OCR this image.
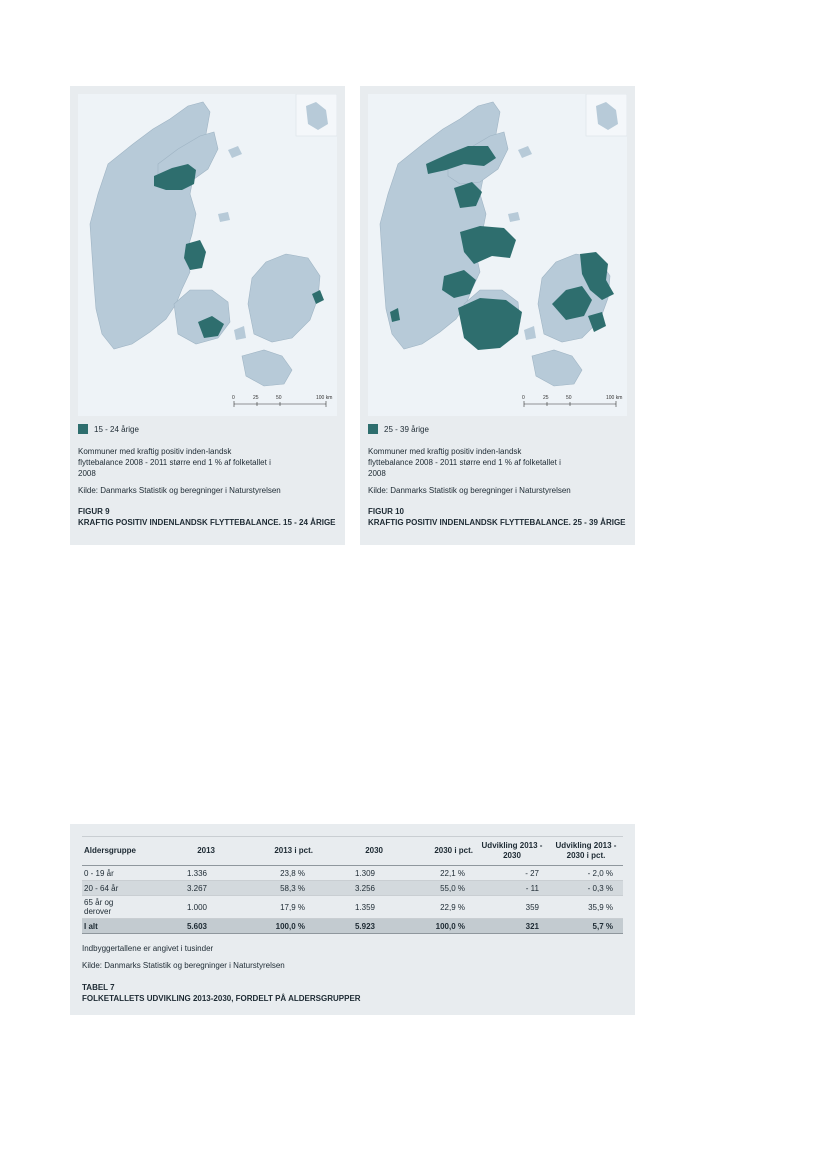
0	25	50	100 km
15 - 24 årige
Kommuner med kraftig positiv inden-landsk flyttebalance 2008 - 2011 større end 1 % af folketallet i 2008
Kilde: Danmarks Statistik og beregninger i Naturstyrelsen
FIGUR 9
KRAFTIG POSITIV INDENLANDSK FLYTTEBALANCE. 15 - 24 ÅRIGE
0	25	50	100 km
25 - 39 årige
Kommuner med kraftig positiv inden-landsk flyttebalance 2008 - 2011 større end 1 % af folketallet i 2008
Kilde: Danmarks Statistik og beregninger i Naturstyrelsen
FIGUR 10
KRAFTIG POSITIV INDENLANDSK FLYTTEBALANCE. 25 - 39 ÅRIGE
Aldersgruppe	2013	2013 i pct.	2030	2030 i pct.	Udvikling 2013 - 2030	Udvikling 2013 - 2030 i pct.
0 - 19 år	1.336	23,8 %	1.309	22,1 %	- 27	- 2,0 %
20 - 64 år	3.267	58,3 %	3.256	55,0 %	- 11	- 0,3 %
65 år og derover	1.000	17,9 %	1.359	22,9 %	359	35,9 %
I alt	5.603	100,0 %	5.923	100,0 %	321	5,7 %
Indbyggertallene er angivet i tusinder
Kilde: Danmarks Statistik og beregninger i Naturstyrelsen
TABEL 7
FOLKETALLETS UDVIKLING 2013-2030, FORDELT PÅ ALDERSGRUPPER
